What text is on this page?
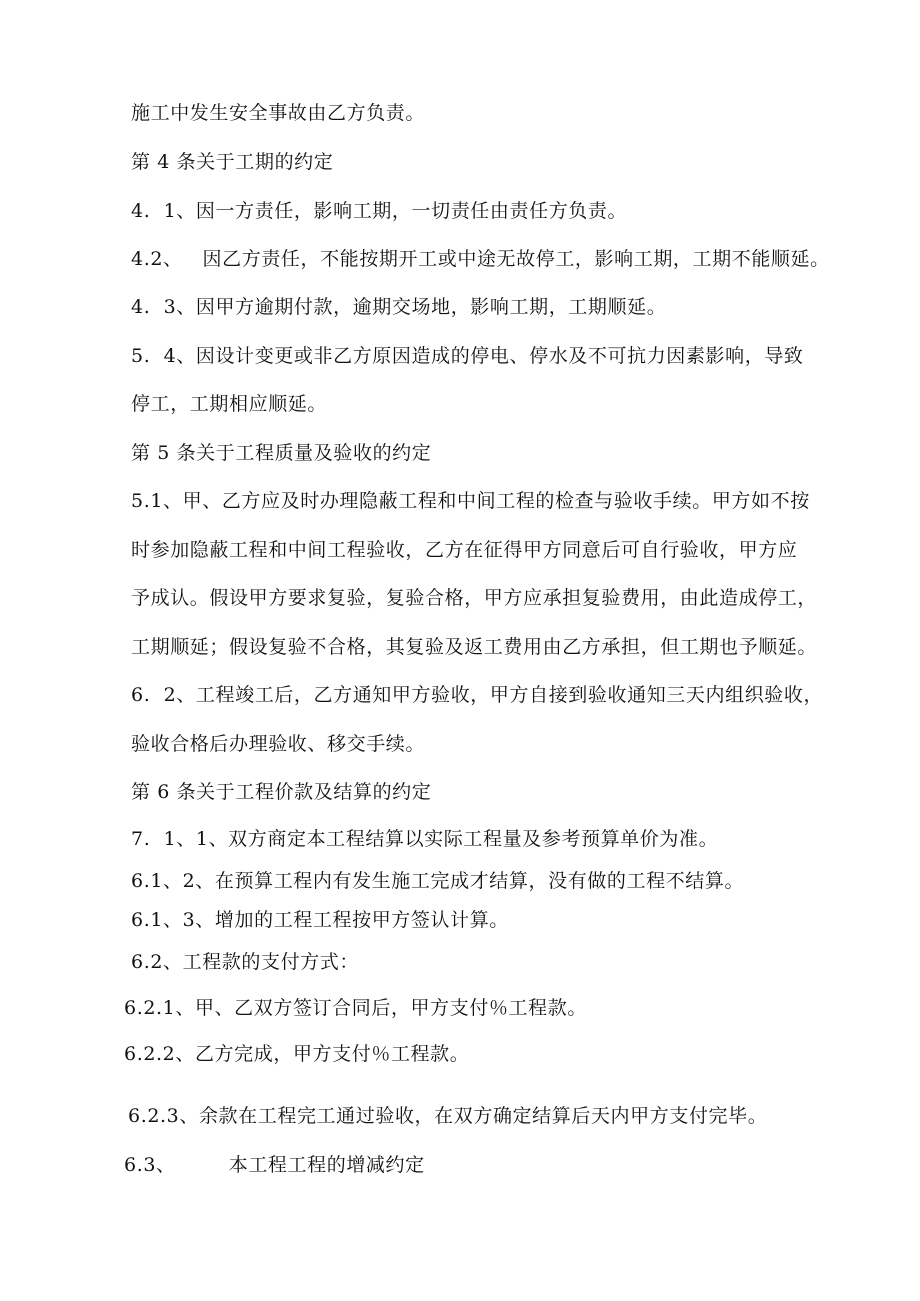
施工中发生安全事故由乙方负责。
第 4 条关于工期的约定
4.  1、因一方责任，影响工期，一切责任由责任方负责。
4.2、   因乙方责任，不能按期开工或中途无故停工，影响工期，工期不能顺延。
4.  3、因甲方逾期付款，逾期交场地，影响工期，工期顺延。
5.  4、因设计变更或非乙方原因造成的停电、停水及不可抗力因素影响，导致
停工，工期相应顺延。
第 5 条关于工程质量及验收的约定
5.1、甲、乙方应及时办理隐蔽工程和中间工程的检查与验收手续。甲方如不按
时参加隐蔽工程和中间工程验收，乙方在征得甲方同意后可自行验收，甲方应
予成认。假设甲方要求复验，复验合格，甲方应承担复验费用，由此造成停工，
工期顺延；假设复验不合格，其复验及返工费用由乙方承担，但工期也予顺延。
6.  2、工程竣工后，乙方通知甲方验收，甲方自接到验收通知三天内组织验收，
验收合格后办理验收、移交手续。
第 6 条关于工程价款及结算的约定
7.  1、1、双方商定本工程结算以实际工程量及参考预算单价为准。
6.1、2、在预算工程内有发生施工完成才结算，没有做的工程不结算。
6.1、3、增加的工程工程按甲方签认计算。
6.2、工程款的支付方式：
6.2.1、甲、乙双方签订合同后，甲方支付％工程款。
6.2.2、乙方完成，甲方支付％工程款。
6.2.3、余款在工程完工通过验收，在双方确定结算后天内甲方支付完毕。
6.3、        本工程工程的增减约定
